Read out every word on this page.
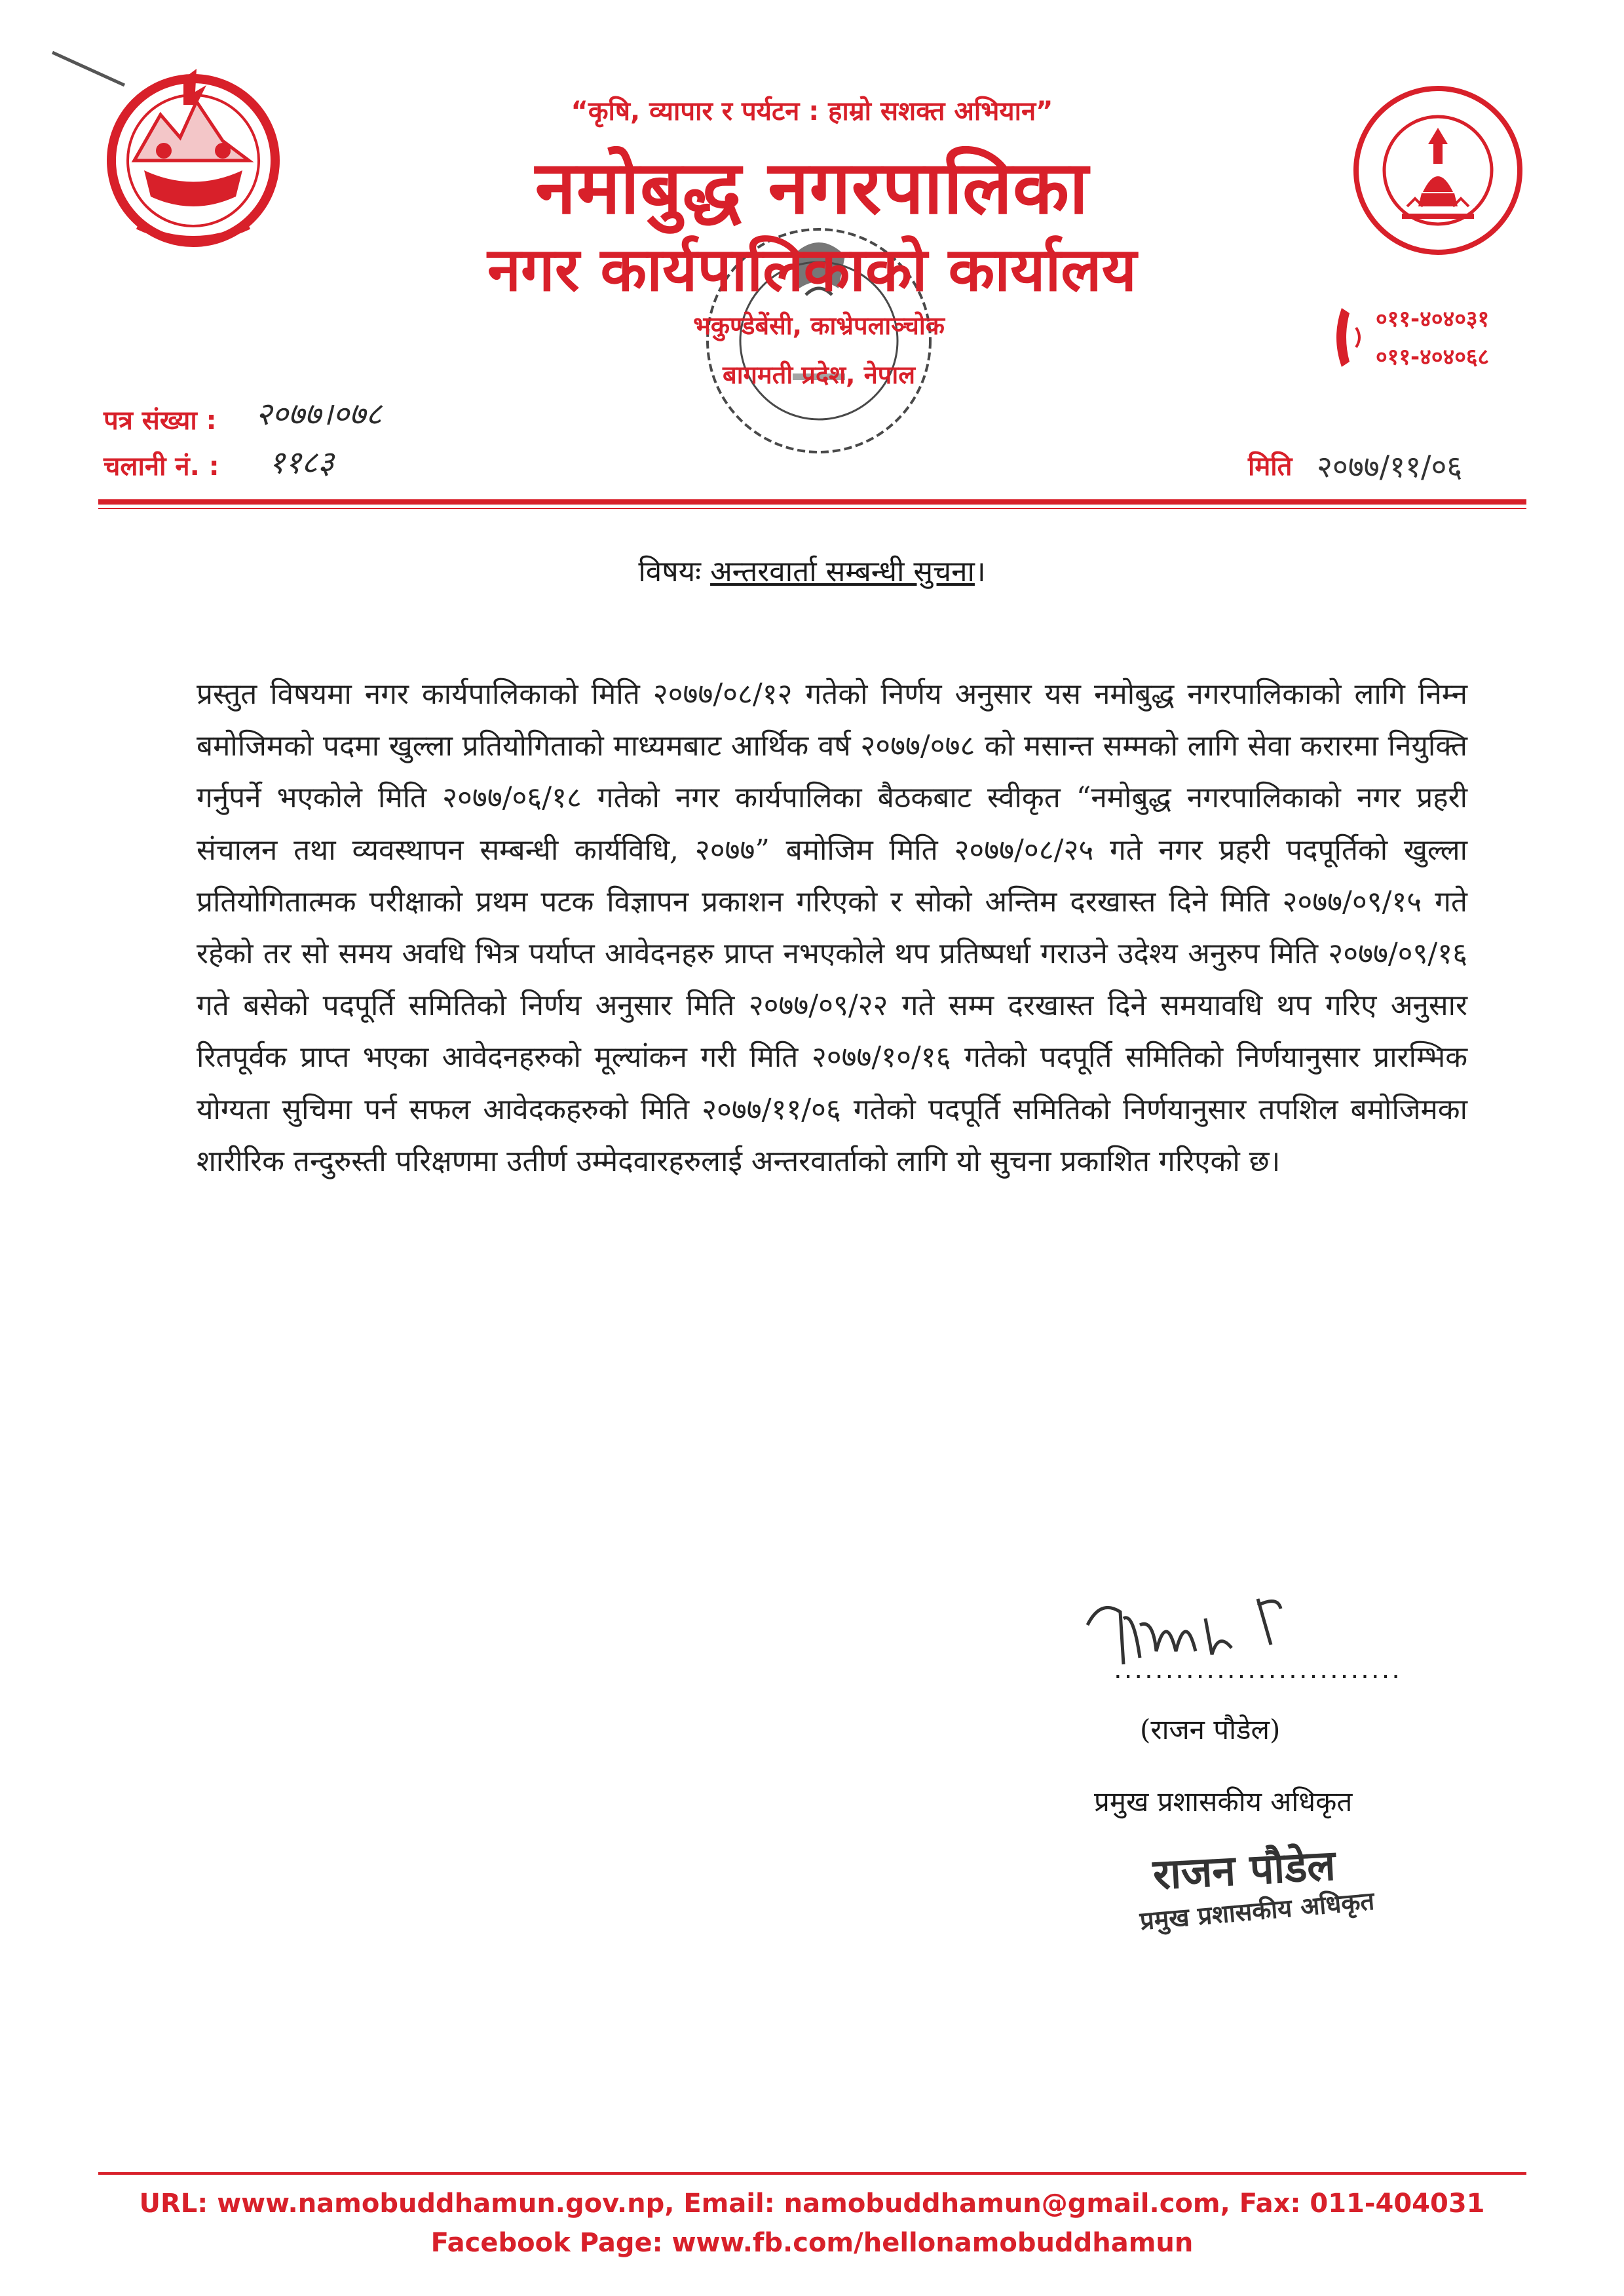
“कृषि, व्यापार र पर्यटन : हाम्रो सशक्त अभियान”
नमोबुद्ध नगरपालिका
नगर कार्यपालिकाको कार्यालय
भकुण्डेबेंसी, काभ्रेपलाञ्चोक
बागमती प्रदेश, नेपाल
०११-४०४०३१
०११-४०४०६८
पत्र संख्या : २०७७।०७८
चलानी नं. : ११८३	मिति २०७७/११/०६
विषयः अन्तरवार्ता सम्बन्धी सुचना।
प्रस्तुत विषयमा नगर कार्यपालिकाको मिति २०७७/०८/१२ गतेको निर्णय अनुसार यस नमोबुद्ध नगरपालिकाको लागि निम्न बमोजिमको पदमा खुल्ला प्रतियोगिताको माध्यमबाट आर्थिक वर्ष २०७७/०७८ को मसान्त सम्मको लागि सेवा करारमा नियुक्ति गर्नुपर्ने भएकोले मिति २०७७/०६/१८ गतेको नगर कार्यपालिका बैठकबाट स्वीकृत “नमोबुद्ध नगरपालिकाको नगर प्रहरी संचालन तथा व्यवस्थापन सम्बन्धी कार्यविधि, २०७७” बमोजिम मिति २०७७/०८/२५ गते नगर प्रहरी पदपूर्तिको खुल्ला प्रतियोगितात्मक परीक्षाको प्रथम पटक विज्ञापन प्रकाशन गरिएको र सोको अन्तिम दरखास्त दिने मिति २०७७/०९/१५ गते रहेको तर सो समय अवधि भित्र पर्याप्त आवेदनहरु प्राप्त नभएकोले थप प्रतिष्पर्धा गराउने उदेश्य अनुरुप मिति २०७७/०९/१६ गते बसेको पदपूर्ति समितिको निर्णय अनुसार मिति २०७७/०९/२२ गते सम्म दरखास्त दिने समयावधि थप गरिए अनुसार रितपूर्वक प्राप्त भएका आवेदनहरुको मूल्यांकन गरी मिति २०७७/१०/१६ गतेको पदपूर्ति समितिको निर्णयानुसार प्रारम्भिक योग्यता सुचिमा पर्न सफल आवेदकहरुको मिति २०७७/११/०६ गतेको पदपूर्ति समितिको निर्णयानुसार तपशिल बमोजिमका शारीरिक तन्दुरुस्ती परिक्षणमा उतीर्ण उम्मेदवारहरुलाई अन्तरवार्ताको लागि यो सुचना प्रकाशित गरिएको छ।
............................
(राजन पौडेल)
प्रमुख प्रशासकीय अधिकृत
राजन पौडेल
प्रमुख प्रशासकीय अधिकृत
URL: www.namobuddhamun.gov.np, Email: namobuddhamun@gmail.com, Fax: 011-404031
Facebook Page: www.fb.com/hellonamobuddhamun
